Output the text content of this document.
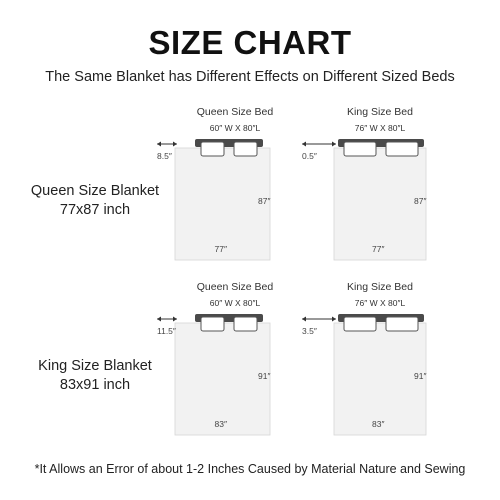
SIZE CHART
The Same Blanket has Different Effects on Different Sized Beds
Queen Size Blanket
77x87 inch
King Size Blanket
83x91 inch
Queen Size Bed
60″ W X 80″L
8.5″
87″
77″
King Size Bed
76″ W X 80″L
0.5″
87″
77″
Queen Size Bed
60″ W X 80″L
11.5″
91″
83″
King Size Bed
76″ W X 80″L
3.5″
91″
83″
*It Allows an Error of about 1-2 Inches Caused by Material Nature and Sewing
